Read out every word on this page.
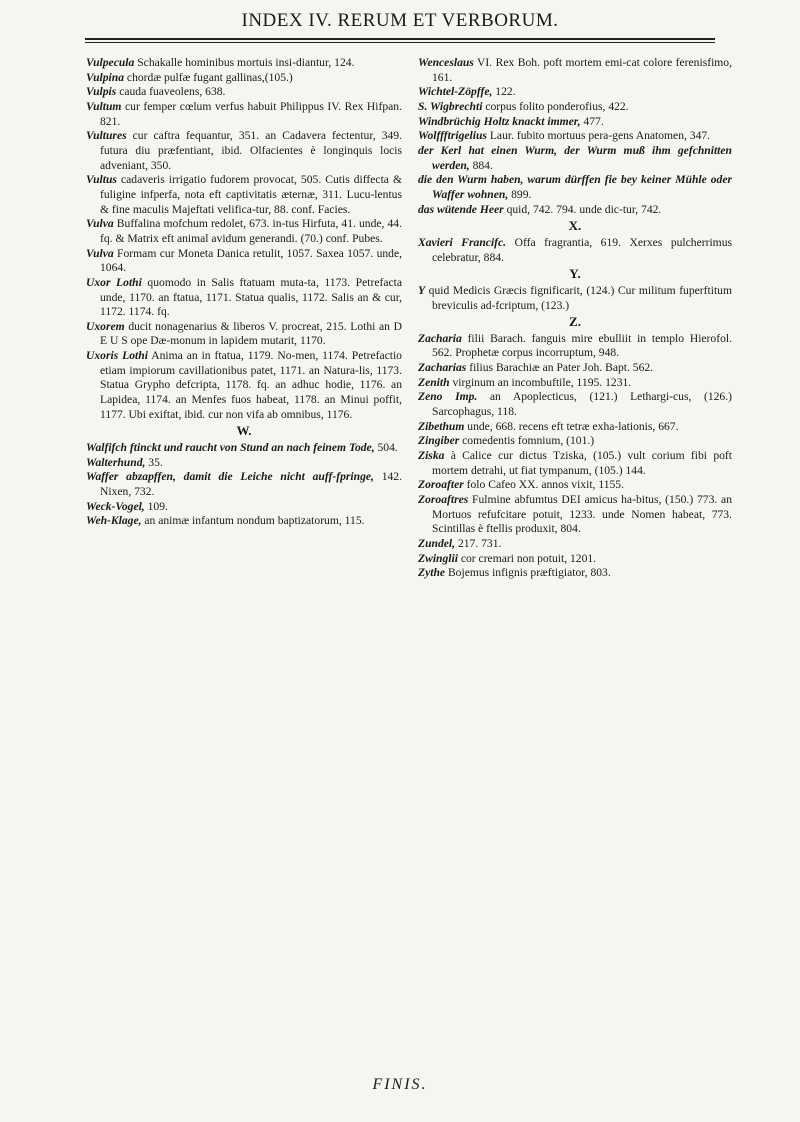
INDEX IV. RERUM ET VERBORUM.
Vulpecula Schakalle hominibus mortuis insi-diantur, 124.
Vulpina chordæ pulfæ fugant gallinas,(105.)
Vulpis cauda fuaveolens, 638.
Vultum cur femper cœlum verfus habuit Philippus IV. Rex Hifpan. 821.
Vultures cur caftra fequantur, 351. an Cadavera fectentur, 349. futura diu præfentiant, ibid. Olfacientes è longinquis locis adveniant, 350.
Vultus cadaveris irrigatio fudorem provocat, 505. Cutis diffecta & fuligine infperfa, nota eft captivitatis æternæ, 311. Lucu-lentus & fine maculis Majeftati velifica-tur, 88. conf. Facies.
Vulva Buffalina mofchum redolet, 673. in-tus Hirfuta, 41. unde, 44. fq. & Matrix eft animal avidum generandi. (70.) conf. Pubes.
Vulva Formam cur Moneta Danica retulit, 1057. Saxea 1057. unde, 1064.
Uxor Lothi quomodo in Salis ftatuam muta-ta, 1173. Petrefacta unde, 1170. an ftatua, 1171. Statua qualis, 1172. Salis an & cur, 1172. 1174. fq.
Uxorem ducit nonagenarius & liberos V. procreat, 215. Lothi an D E U S ope Dæ-monum in lapidem mutarit, 1170.
Uxoris Lothi Anima an in ftatua, 1179. No-men, 1174. Petrefactio etiam impiorum cavillationibus patet, 1171. an Natura-lis, 1173. Statua Grypho defcripta, 1178. fq. an adhuc hodie, 1176. an Lapidea, 1174. an Menfes fuos habeat, 1178. an Minui poffit, 1177. Ubi exiftat, ibid. cur non vifa ab omnibus, 1176.
W.
Walfifch ftinckt und raucht von Stund an nach feinem Tode, 504.
Walterhund, 35.
Waffer abzapffen, damit die Leiche nicht auff-fpringe, 142. Nixen, 732.
Weck-Vogel, 109.
Weh-Klage, an animæ infantum nondum baptizatorum, 115.
Wenceslaus VI. Rex Boh. poft mortem emi-cat colore ferenisfimo, 161.
Wichtel-Zöpffe, 122.
S. Wigbrechti corpus folito ponderofius, 422.
Windbrüchig Holtz knackt immer, 477.
Wolffftrigelius Laur. fubito mortuus pera-gens Anatomen, 347.
der Kerl hat einen Wurm, der Wurm muß ihm gefchnitten werden, 884.
die den Wurm haben, warum dürffen fie bey keiner Mühle oder Waffer wohnen, 899.
das wütende Heer quid, 742. 794. unde dic-tur, 742.
X.
Xavieri Francifc. Offa fragrantia, 619. Xerxes pulcherrimus celebratur, 884.
Y.
Y quid Medicis Græcis fignificarit, (124.) Cur militum fuperftitum breviculis ad-fcriptum, (123.)
Z.
Zacharia filii Barach. fanguis mire ebulliit in templo Hierofol. 562. Prophetæ corpus incorruptum, 948.
Zacharias filius Barachiæ an Pater Joh. Bapt. 562.
Zenith virginum an incombuftile, 1195. 1231.
Zeno Imp. an Apoplecticus, (121.) Lethargi-cus, (126.) Sarcophagus, 118.
Zibethum unde, 668. recens eft tetræ exha-lationis, 667.
Zingiber comedentis fomnium, (101.)
Ziska à Calice cur dictus Tziska, (105.) vult corium fibi poft mortem detrahi, ut fiat tympanum, (105.) 144.
Zoroafter folo Cafeo XX. annos vixit, 1155.
Zoroaftres Fulmine abfumtus DEI amicus ha-bitus, (150.) 773. an Mortuos refufcitare potuit, 1233. unde Nomen habeat, 773. Scintillas è ftellis produxit, 804.
Zundel, 217. 731.
Zwinglii cor cremari non potuit, 1201.
Zythe Bojemus infignis præftigiator, 803.
FINIS.
